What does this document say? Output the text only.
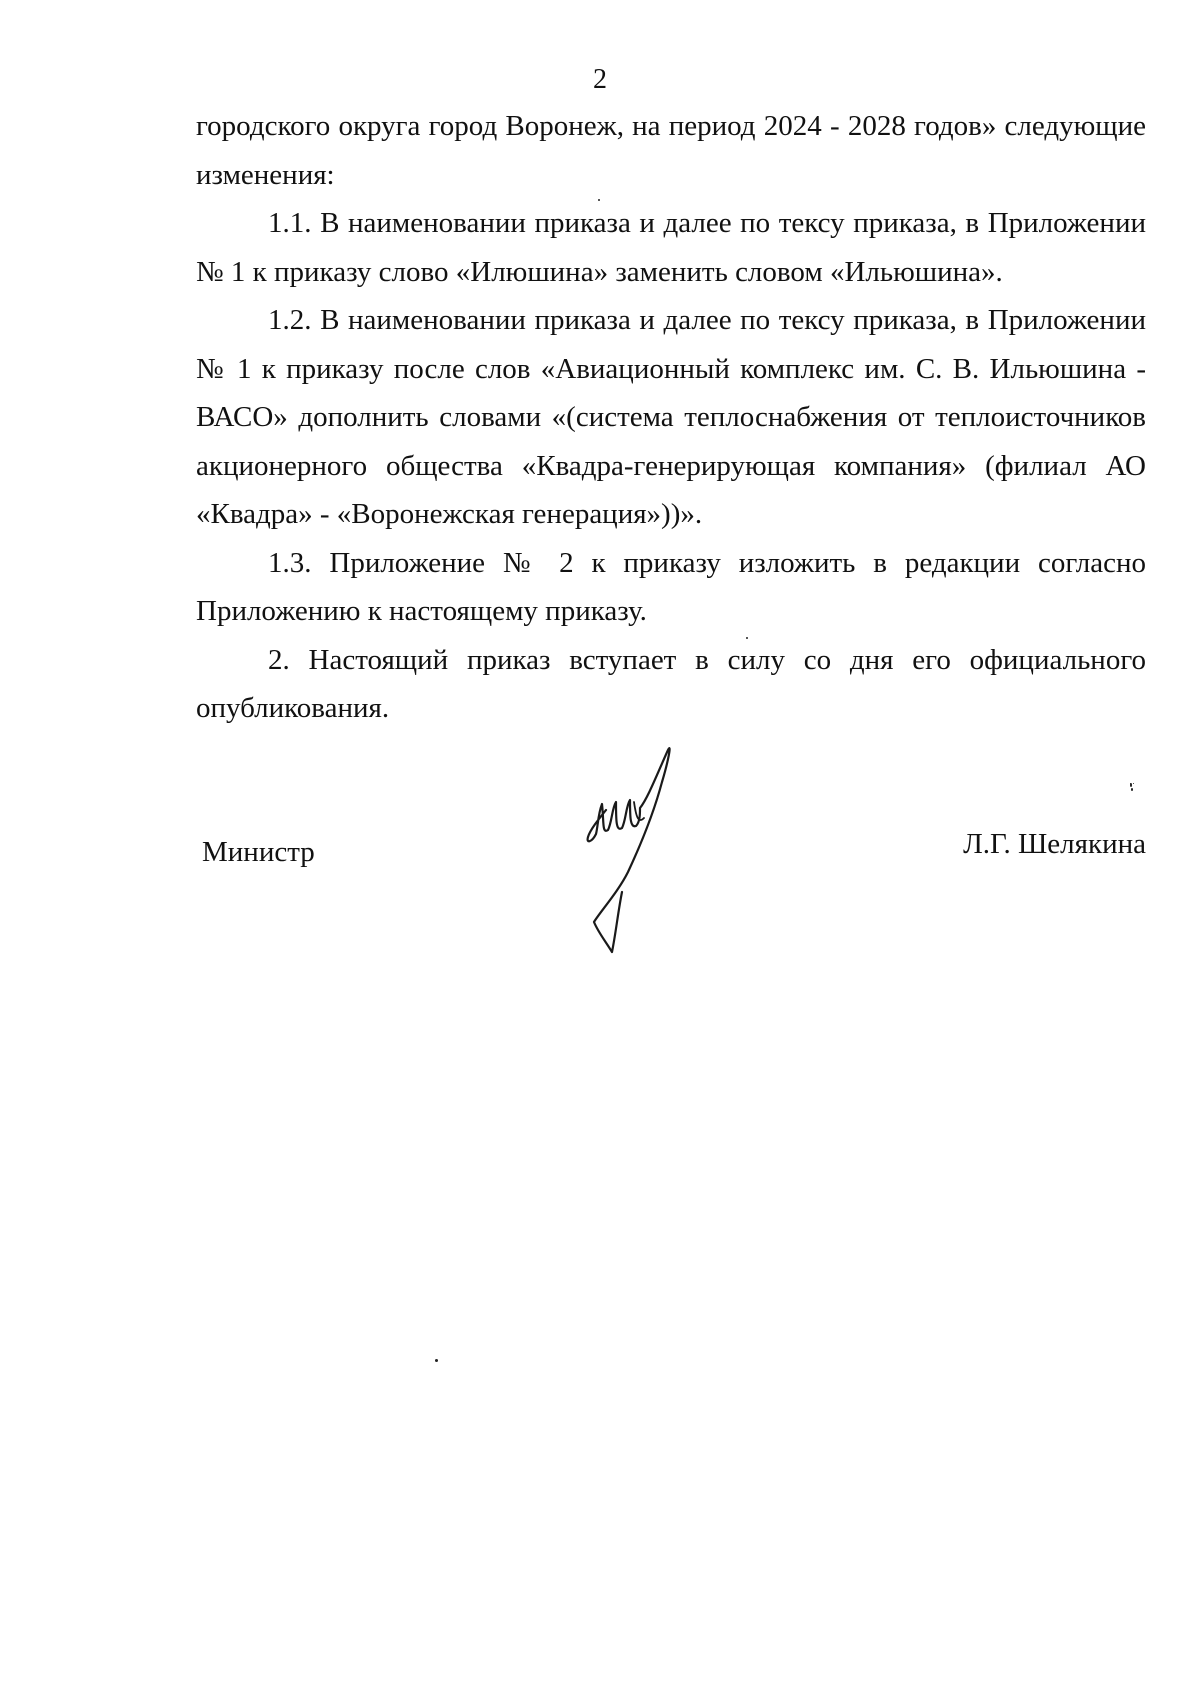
2

городского округа город Воронеж, на период 2024 - 2028 годов» следующие изменения:

1.1. В наименовании приказа и далее по тексу приказа, в Приложении № 1 к приказу слово «Илюшина» заменить словом «Ильюшина».

1.2. В наименовании приказа и далее по тексу приказа, в Приложении № 1 к приказу после слов «Авиационный комплекс им. С. В. Ильюшина - ВАСО» дополнить словами «(система теплоснабжения от теплоисточников акционерного общества «Квадра-генерирующая компания» (филиал АО «Квадра» - «Воронежская генерация»))».

1.3. Приложение № 2 к приказу изложить в редакции согласно Приложению к настоящему приказу.

2. Настоящий приказ вступает в силу со дня его официального опубликования.

Министр	Л.Г. Шелякина
